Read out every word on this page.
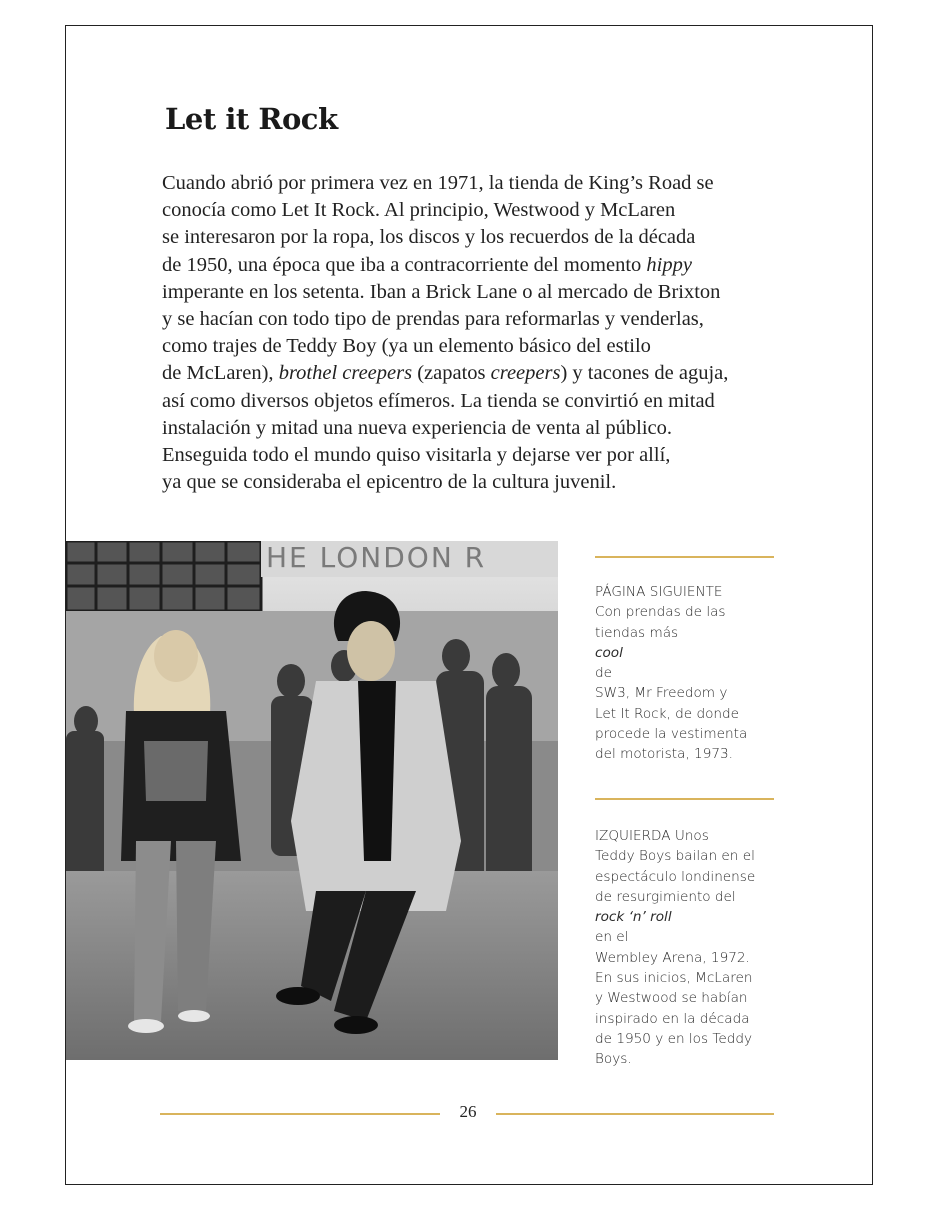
Let it Rock
Cuando abrió por primera vez en 1971, la tienda de King’s Road se
conocía como Let It Rock. Al principio, Westwood y McLaren
se interesaron por la ropa, los discos y los recuerdos de la década
de 1950, una época que iba a contracorriente del momento hippy
imperante en los setenta. Iban a Brick Lane o al mercado de Brixton
y se hacían con todo tipo de prendas para reformarlas y venderlas,
como trajes de Teddy Boy (ya un elemento básico del estilo
de McLaren), brothel creepers (zapatos creepers) y tacones de aguja,
así como diversos objetos efímeros. La tienda se convirtió en mitad
instalación y mitad una nueva experiencia de venta al público.
Enseguida todo el mundo quiso visitarla y dejarse ver por allí,
ya que se consideraba el epicentro de la cultura juvenil.
HE LONDON R
PÁGINA SIGUIENTE
Con prendas de las
tiendas más
cool
de
SW3, Mr Freedom y
Let It Rock, de donde
procede la vestimenta
del motorista, 1973.
IZQUIERDA Unos
Teddy Boys bailan en el
espectáculo londinense
de resurgimiento del
rock ‘n’ roll
en el
Wembley Arena, 1972.
En sus inicios, McLaren
y Westwood se habían
inspirado en la década
de 1950 y en los Teddy
Boys.
26
